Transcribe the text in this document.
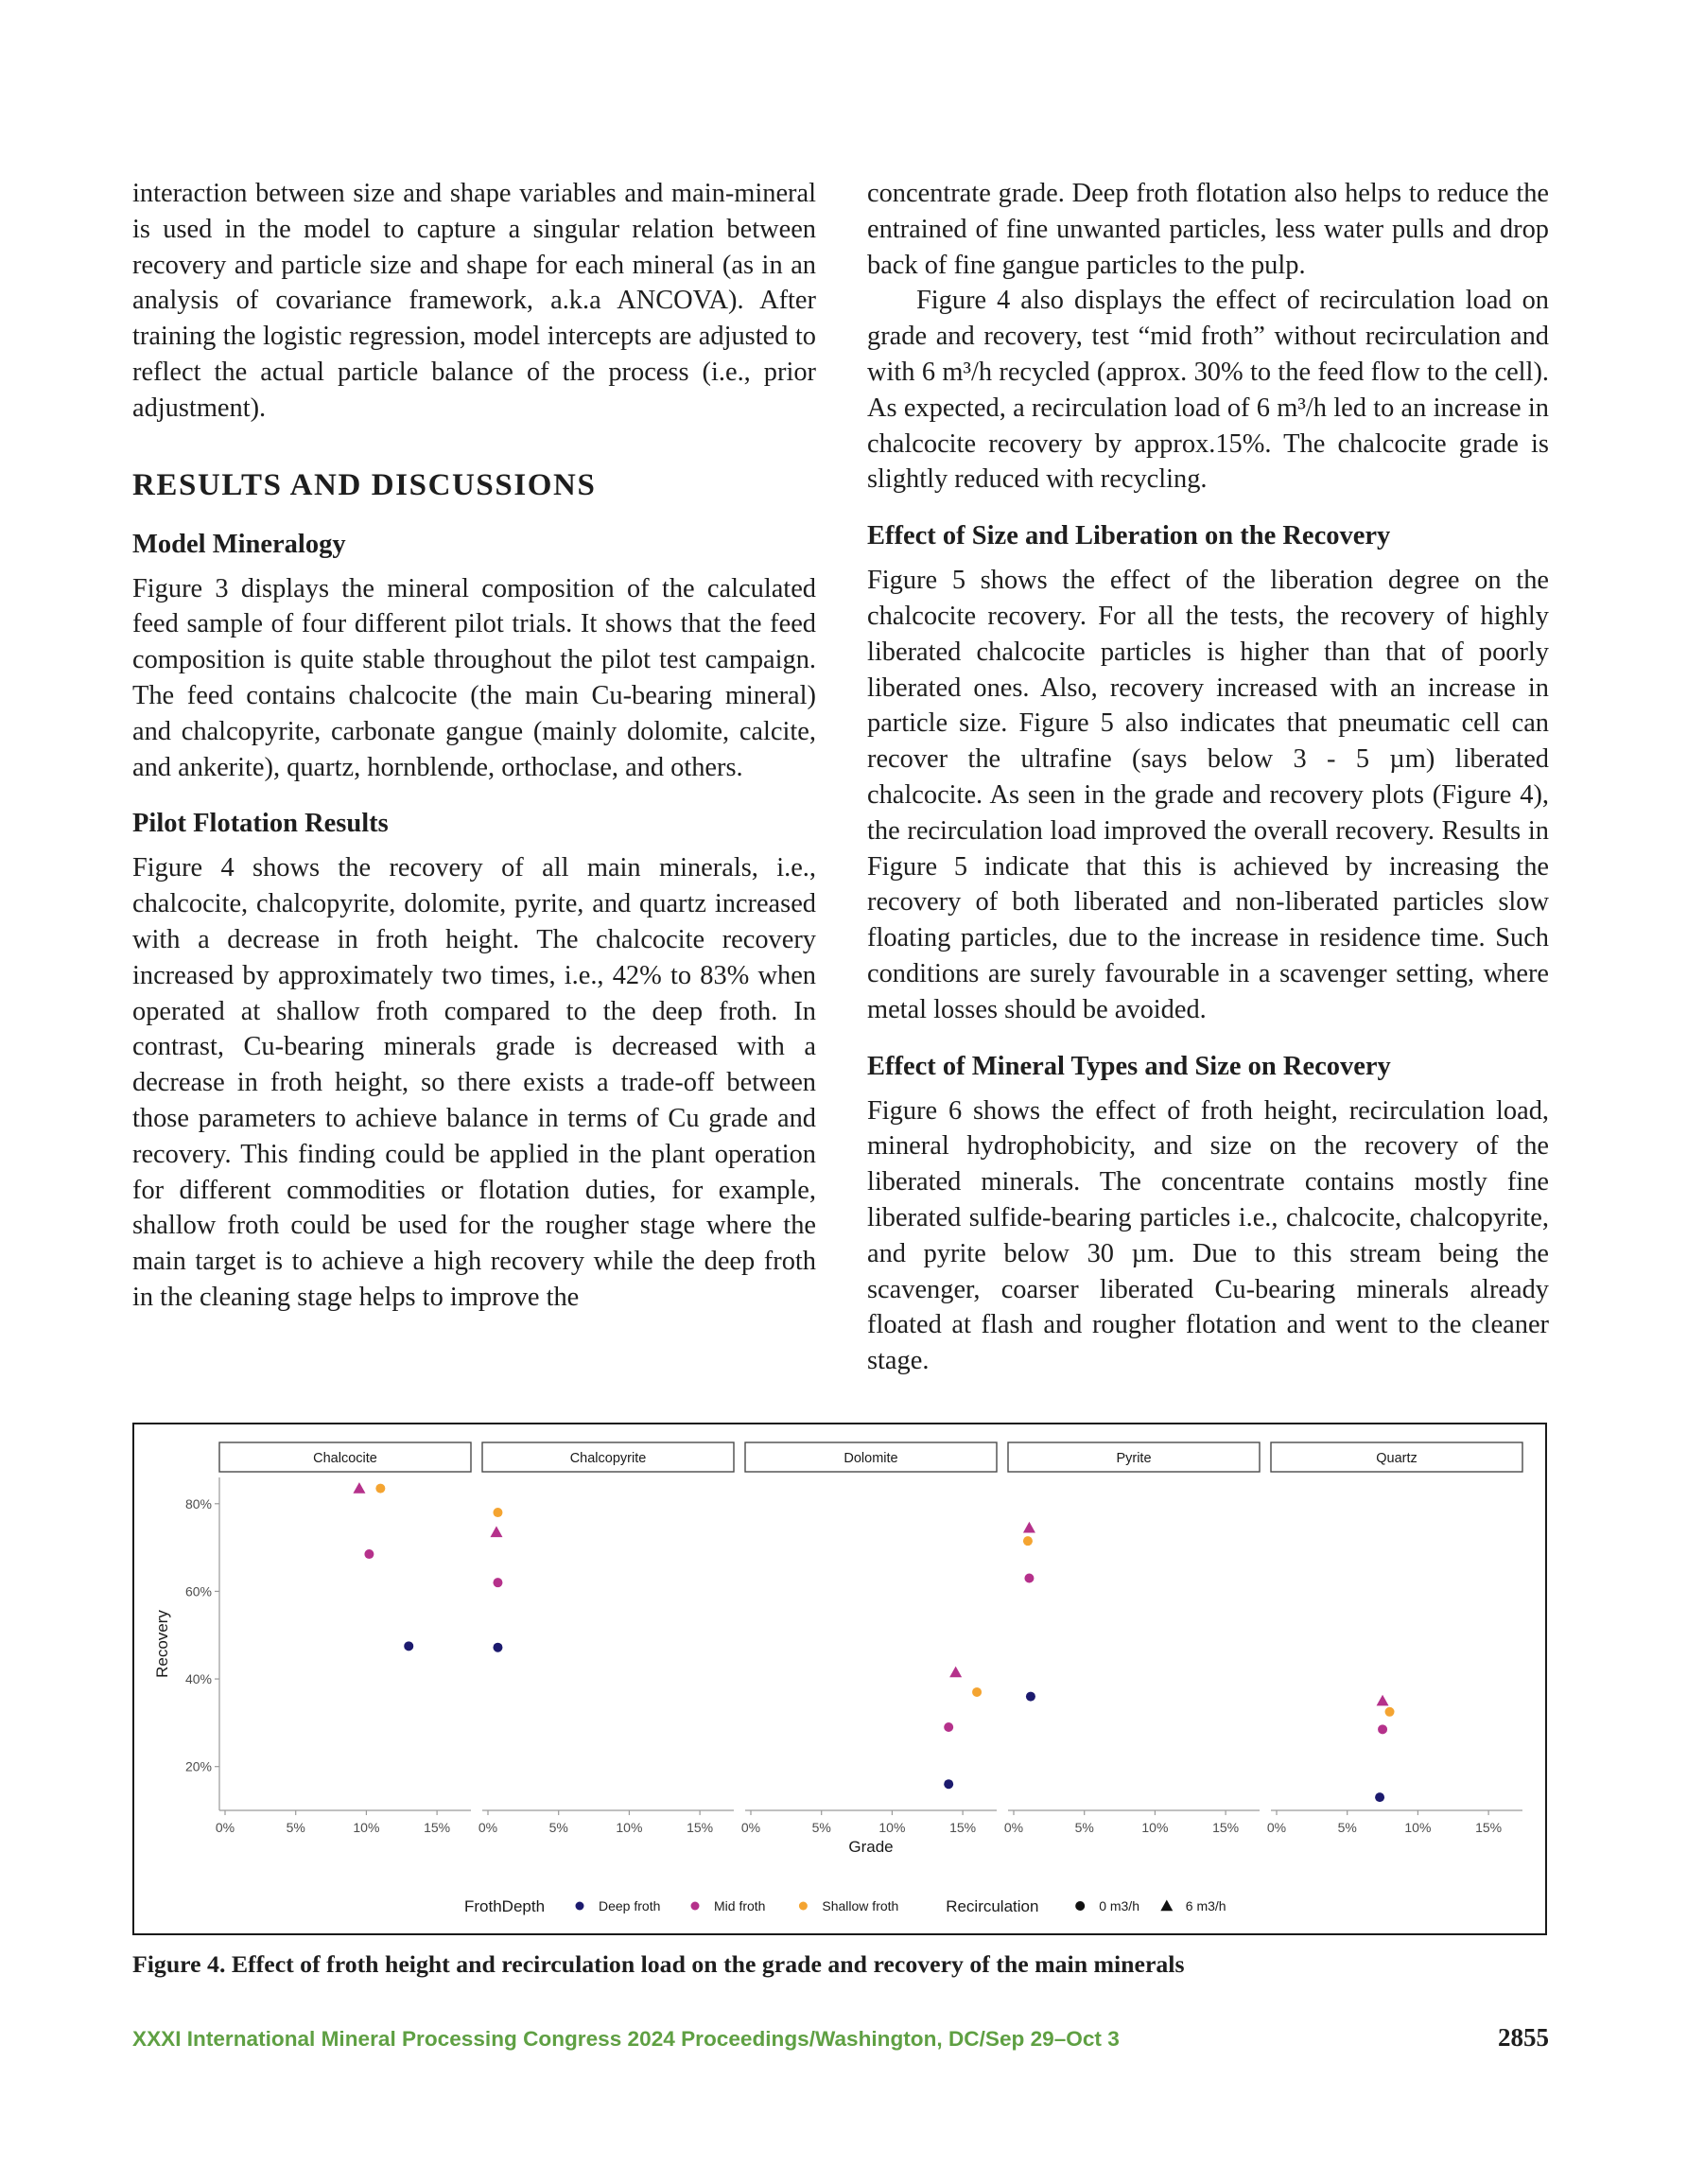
interaction between size and shape variables and main-mineral is used in the model to capture a singular relation between recovery and particle size and shape for each mineral (as in an analysis of covariance framework, a.k.a ANCOVA). After training the logistic regression, model intercepts are adjusted to reflect the actual particle balance of the process (i.e., prior adjustment).

RESULTS AND DISCUSSIONS
Model Mineralogy

Figure 3 displays the mineral composition of the calculated feed sample of four different pilot trials. It shows that the feed composition is quite stable throughout the pilot test campaign. The feed contains chalcocite (the main Cu-bearing mineral) and chalcopyrite, carbonate gangue (mainly dolomite, calcite, and ankerite), quartz, hornblende, orthoclase, and others.

Pilot Flotation Results

Figure 4 shows the recovery of all main minerals, i.e., chalcocite, chalcopyrite, dolomite, pyrite, and quartz increased with a decrease in froth height. The chalcocite recovery increased by approximately two times, i.e., 42% to 83% when operated at shallow froth compared to the deep froth. In contrast, Cu-bearing minerals grade is decreased with a decrease in froth height, so there exists a trade-off between those parameters to achieve balance in terms of Cu grade and recovery. This finding could be applied in the plant operation for different commodities or flotation duties, for example, shallow froth could be used for the rougher stage where the main target is to achieve a high recovery while the deep froth in the cleaning stage helps to improve the

concentrate grade. Deep froth flotation also helps to reduce the entrained of fine unwanted particles, less water pulls and drop back of fine gangue particles to the pulp.

Figure 4 also displays the effect of recirculation load on grade and recovery, test “mid froth” without recirculation and with 6 m³/h recycled (approx. 30% to the feed flow to the cell). As expected, a recirculation load of 6 m³/h led to an increase in chalcocite recovery by approx.15%. The chalcocite grade is slightly reduced with recycling.

Effect of Size and Liberation on the Recovery

Figure 5 shows the effect of the liberation degree on the chalcocite recovery. For all the tests, the recovery of highly liberated chalcocite particles is higher than that of poorly liberated ones. Also, recovery increased with an increase in particle size. Figure 5 also indicates that pneumatic cell can recover the ultrafine (says below 3 - 5 µm) liberated chalcocite. As seen in the grade and recovery plots (Figure 4), the recirculation load improved the overall recovery. Results in Figure 5 indicate that this is achieved by increasing the recovery of both liberated and non-liberated particles slow floating particles, due to the increase in residence time. Such conditions are surely favourable in a scavenger setting, where metal losses should be avoided.

Effect of Mineral Types and Size on Recovery

Figure 6 shows the effect of froth height, recirculation load, mineral hydrophobicity, and size on the recovery of the liberated minerals. The concentrate contains mostly fine liberated sulfide-bearing particles i.e., chalcocite, chalcopyrite, and pyrite below 30 µm. Due to this stream being the scavenger, coarser liberated Cu-bearing minerals already floated at flash and rougher flotation and went to the cleaner stage.

20%
40%
60%
80%
Recovery
Chalcocite
0%	5%	10%	15%
Chalcopyrite
0%	5%	10%	15%
Dolomite
0%	5%	10%	15%
Pyrite
0%	5%	10%	15%
Quartz
0%	5%	10%	15%
Grade
FrothDepth	Deep froth	Mid froth	Shallow froth	Recirculation	0 m3/h	6 m3/h
Figure 4. Effect of froth height and recirculation load on the grade and recovery of the main minerals
XXXI International Mineral Processing Congress 2024 Proceedings/Washington, DC/Sep 29–Oct 3	2855
